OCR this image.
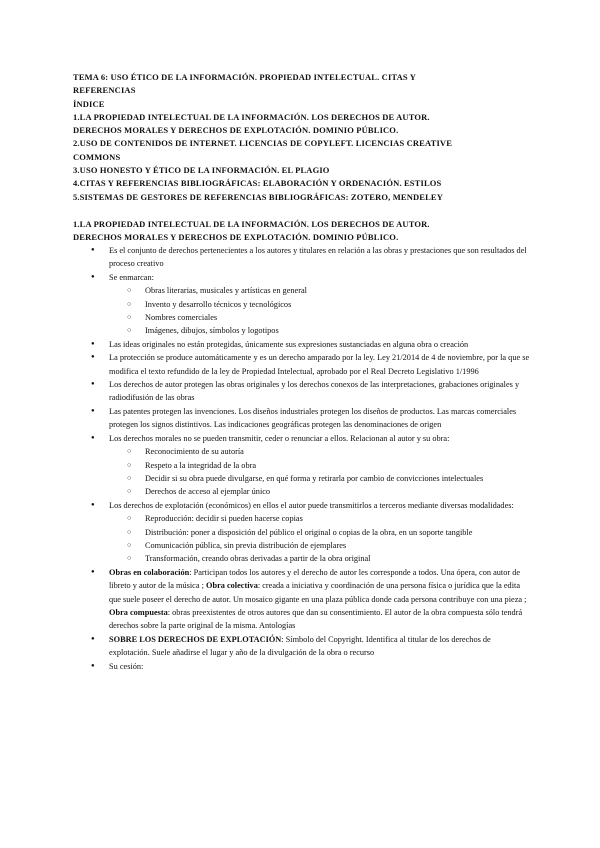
TEMA 6: USO ÉTICO DE LA INFORMACIÓN. PROPIEDAD INTELECTUAL. CITAS Y
REFERENCIAS
ÍNDICE
1.LA PROPIEDAD INTELECTUAL DE LA INFORMACIÓN. LOS DERECHOS DE AUTOR.
DERECHOS MORALES Y DERECHOS DE EXPLOTACIÓN. DOMINIO PÚBLICO.
2.USO DE CONTENIDOS DE INTERNET. LICENCIAS DE COPYLEFT. LICENCIAS CREATIVE
COMMONS
3.USO HONESTO Y ÉTICO DE LA INFORMACIÓN. EL PLAGIO
4.CITAS Y REFERENCIAS BIBLIOGRÁFICAS: ELABORACIÓN Y ORDENACIÓN. ESTILOS
5.SISTEMAS DE GESTORES DE REFERENCIAS BIBLIOGRÁFICAS: ZOTERO, MENDELEY
1.LA PROPIEDAD INTELECTUAL DE LA INFORMACIÓN. LOS DERECHOS DE AUTOR.
DERECHOS MORALES Y DERECHOS DE EXPLOTACIÓN. DOMINIO PÚBLICO.
● Es el conjunto de derechos pertenecientes a los autores y titulares en relación a las obras y prestaciones que son resultados del proceso creativo
● Se enmarcan:
○ Obras literarias, musicales y artísticas en general
○ Invento y desarrollo técnicos y tecnológicos
○ Nombres comerciales
○ Imágenes, dibujos, símbolos y logotipos
● Las ideas originales no están protegidas, únicamente sus expresiones sustanciadas en alguna obra o creación
● La protección se produce automáticamente y es un derecho amparado por la ley. Ley 21/2014 de 4 de noviembre, por la que se modifica el texto refundido de la ley de Propiedad Intelectual, aprobado por el Real Decreto Legislativo 1/1996
● Los derechos de autor protegen las obras originales y los derechos conexos de las interpretaciones, grabaciones originales y radiodifusión de las obras
● Las patentes protegen las invenciones. Los diseños industriales protegen los diseños de productos. Las marcas comerciales protegen los signos distintivos. Las indicaciones geográficas protegen las denominaciones de origen
● Los derechos morales no se pueden transmitir, ceder o renunciar a ellos. Relacionan al autor y su obra:
○ Reconocimiento de su autoría
○ Respeto a la integridad de la obra
○ Decidir si su obra puede divulgarse, en qué forma y retirarla por cambio de convicciones intelectuales
○ Derechos de acceso al ejemplar único
● Los derechos de explotación (económicos) en ellos el autor puede transmitirlos a terceros mediante diversas modalidades:
○ Reproducción: decidir si pueden hacerse copias
○ Distribución: poner a disposición del público el original o copias de la obra, en un soporte tangible
○ Comunicación pública, sin previa distribución de ejemplares
○ Transformación, creando obras derivadas a partir de la obra original
● Obras en colaboración: Participan todos los autores y el derecho de autor les corresponde a todos. Una ópera, con autor de libreto y autor de la música ; Obra colectiva: creada a iniciativa y coordinación de una persona física o jurídica que la edita que suele poseer el derecho de autor. Un mosaico gigante en una plaza pública donde cada persona contribuye con una pieza ; Obra compuesta: obras preexistentes de otros autores que dan su consentimiento. El autor de la obra compuesta sólo tendrá derechos sobre la parte original de la misma. Antologías
● SOBRE LOS DERECHOS DE EXPLOTACIÓN: Símbolo del Copyright. Identifica al titular de los derechos de explotación. Suele añadirse el lugar y año de la divulgación de la obra o recurso
● Su cesión:
